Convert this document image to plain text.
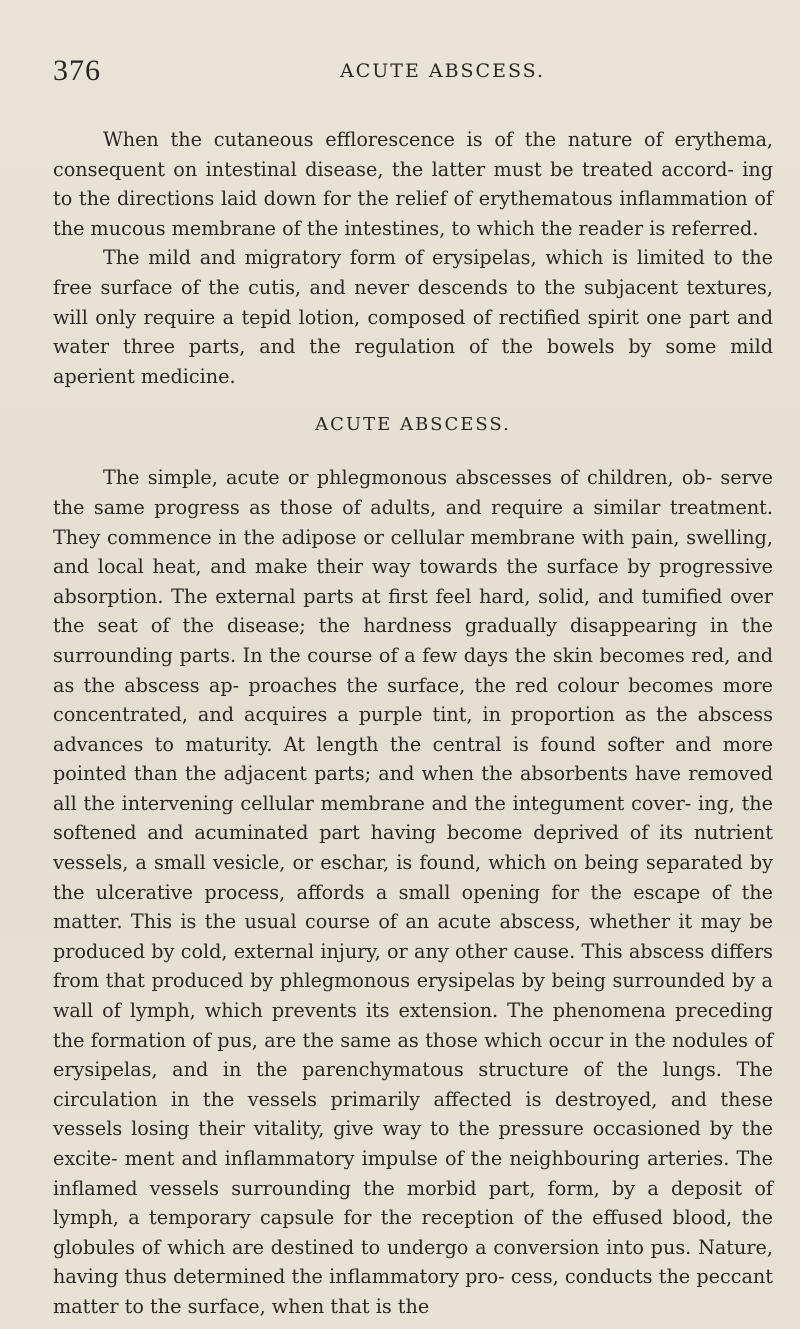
376	ACUTE ABSCESS.

When the cutaneous efflorescence is of the nature of erythema, consequent on intestinal disease, the latter must be treated accord- ing to the directions laid down for the relief of erythematous inflammation of the mucous membrane of the intestines, to which the reader is referred.

The mild and migratory form of erysipelas, which is limited to the free surface of the cutis, and never descends to the subjacent textures, will only require a tepid lotion, composed of rectified spirit one part and water three parts, and the regulation of the bowels by some mild aperient medicine.

ACUTE ABSCESS.

The simple, acute or phlegmonous abscesses of children, ob- serve the same progress as those of adults, and require a similar treatment. They commence in the adipose or cellular membrane with pain, swelling, and local heat, and make their way towards the surface by progressive absorption. The external parts at first feel hard, solid, and tumified over the seat of the disease; the hardness gradually disappearing in the surrounding parts. In the course of a few days the skin becomes red, and as the abscess ap- proaches the surface, the red colour becomes more concentrated, and acquires a purple tint, in proportion as the abscess advances to maturity. At length the central is found softer and more pointed than the adjacent parts; and when the absorbents have removed all the intervening cellular membrane and the integument cover- ing, the softened and acuminated part having become deprived of its nutrient vessels, a small vesicle, or eschar, is found, which on being separated by the ulcerative process, affords a small opening for the escape of the matter. This is the usual course of an acute abscess, whether it may be produced by cold, external injury, or any other cause. This abscess differs from that produced by phlegmonous erysipelas by being surrounded by a wall of lymph, which prevents its extension. The phenomena preceding the formation of pus, are the same as those which occur in the nodules of erysipelas, and in the parenchymatous structure of the lungs. The circulation in the vessels primarily affected is destroyed, and these vessels losing their vitality, give way to the pressure occasioned by the excite- ment and inflammatory impulse of the neighbouring arteries. The inflamed vessels surrounding the morbid part, form, by a deposit of lymph, a temporary capsule for the reception of the effused blood, the globules of which are destined to undergo a conversion into pus. Nature, having thus determined the inflammatory pro- cess, conducts the peccant matter to the surface, when that is the
